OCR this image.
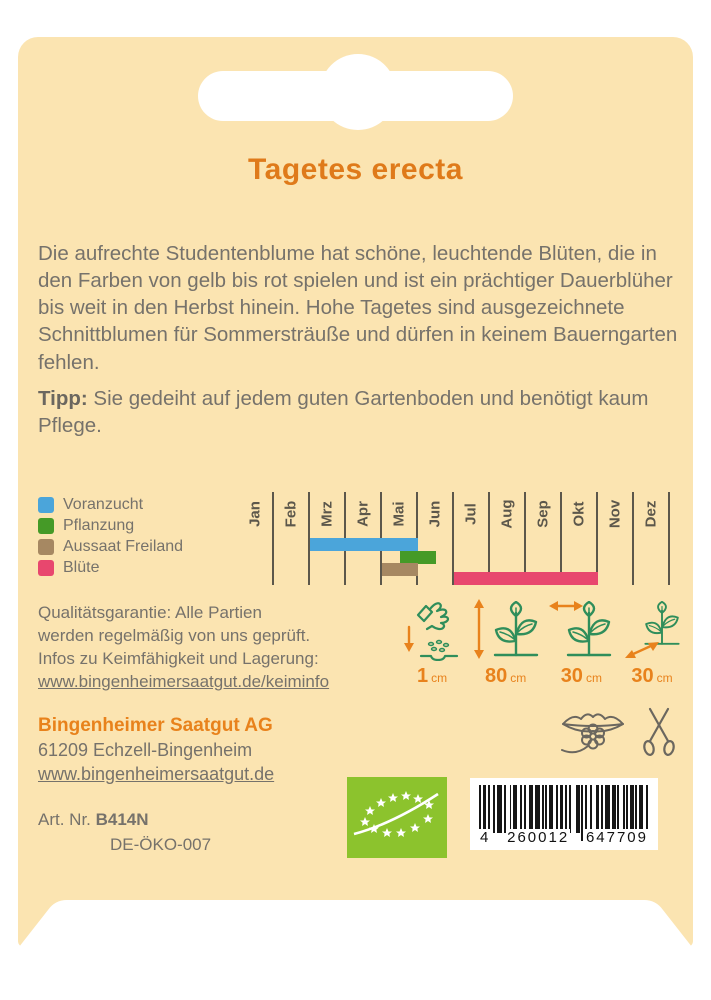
Tagetes erecta

Die aufrechte Studentenblume hat schöne, leuchtende Blüten, die in den Farben von gelb bis rot spielen und ist ein prächtiger Dauerblüher bis weit in den Herbst hinein. Hohe Tagetes sind ausgezeichnete Schnittblumen für Sommersträuße und dürfen in keinem Bauerngarten fehlen.

Tipp: Sie gedeiht auf jedem guten Gartenboden und benötigt kaum Pflege.

Voranzucht
Pflanzung
Aussaat Freiland
Blüte
Jan Feb Mrz Apr Mai Jun Jul Aug Sep Okt Nov Dez
Qualitätsgarantie: Alle Partien
werden regelmäßig von uns geprüft.
Infos zu Keimfähigkeit und Lagerung:
www.bingenheimersaatgut.de/keiminfo	1 cm 80 cm 30 cm 30 cm
Bingenheimer Saatgut AG
61209 Echzell-Bingenheim
www.bingenheimersaatgut.de
Art. Nr. B414N
DE-ÖKO-007	4 260012 647709
